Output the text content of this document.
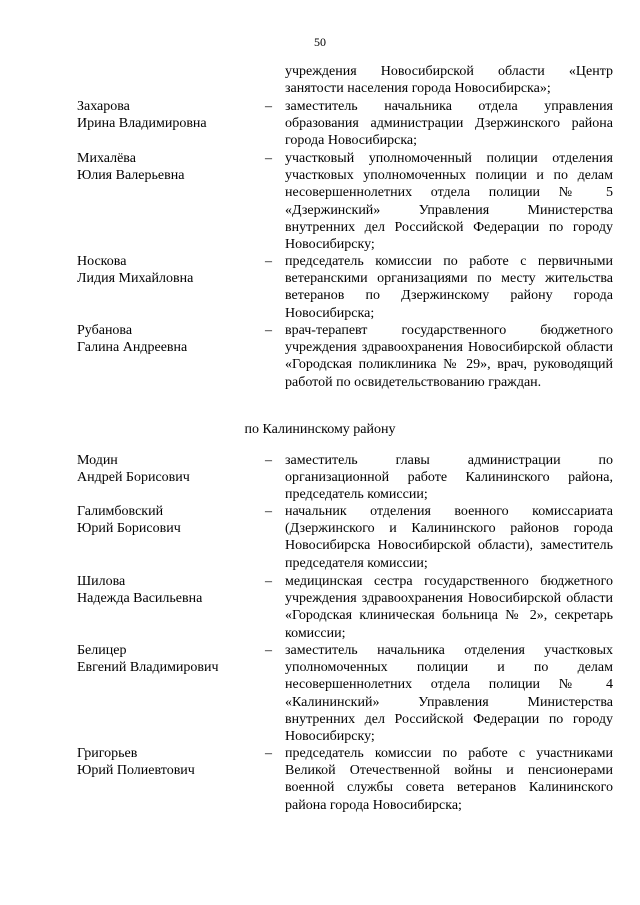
50
учреждения Новосибирской области «Центр занятости населения города Новосибирска»;
Захарова
Ирина Владимировна
– заместитель начальника отдела управления образования администрации Дзержинского района города Новосибирска;
Михалёва
Юлия Валерьевна
– участковый уполномоченный полиции отделения участковых уполномоченных полиции и по делам несовершеннолетних отдела полиции № 5 «Дзержинский» Управления Министерства внутренних дел Российской Федерации по городу Новосибирску;
Носкова
Лидия Михайловна
– председатель комиссии по работе с первичными ветеранскими организациями по месту жительства ветеранов по Дзержинскому району города Новосибирска;
Рубанова
Галина Андреевна
– врач-терапевт государственного бюджетного учреждения здравоохранения Новосибирской области «Городская поликлиника № 29», врач, руководящий работой по освидетельствованию граждан.
по Калининскому району
Модин
Андрей Борисович
– заместитель главы администрации по организационной работе Калининского района, председатель комиссии;
Галимбовский
Юрий Борисович
– начальник отделения военного комиссариата (Дзержинского и Калининского районов города Новосибирска Новосибирской области), заместитель председателя комиссии;
Шилова
Надежда Васильевна
– медицинская сестра государственного бюджетного учреждения здравоохранения Новосибирской области «Городская клиническая больница № 2», секретарь комиссии;
Белицер
Евгений Владимирович
– заместитель начальника отделения участковых уполномоченных полиции и по делам несовершеннолетних отдела полиции № 4 «Калининский» Управления Министерства внутренних дел Российской Федерации по городу Новосибирску;
Григорьев
Юрий Полиевтович
– председатель комиссии по работе с участниками Великой Отечественной войны и пенсионерами военной службы совета ветеранов Калининского района города Новосибирска;
